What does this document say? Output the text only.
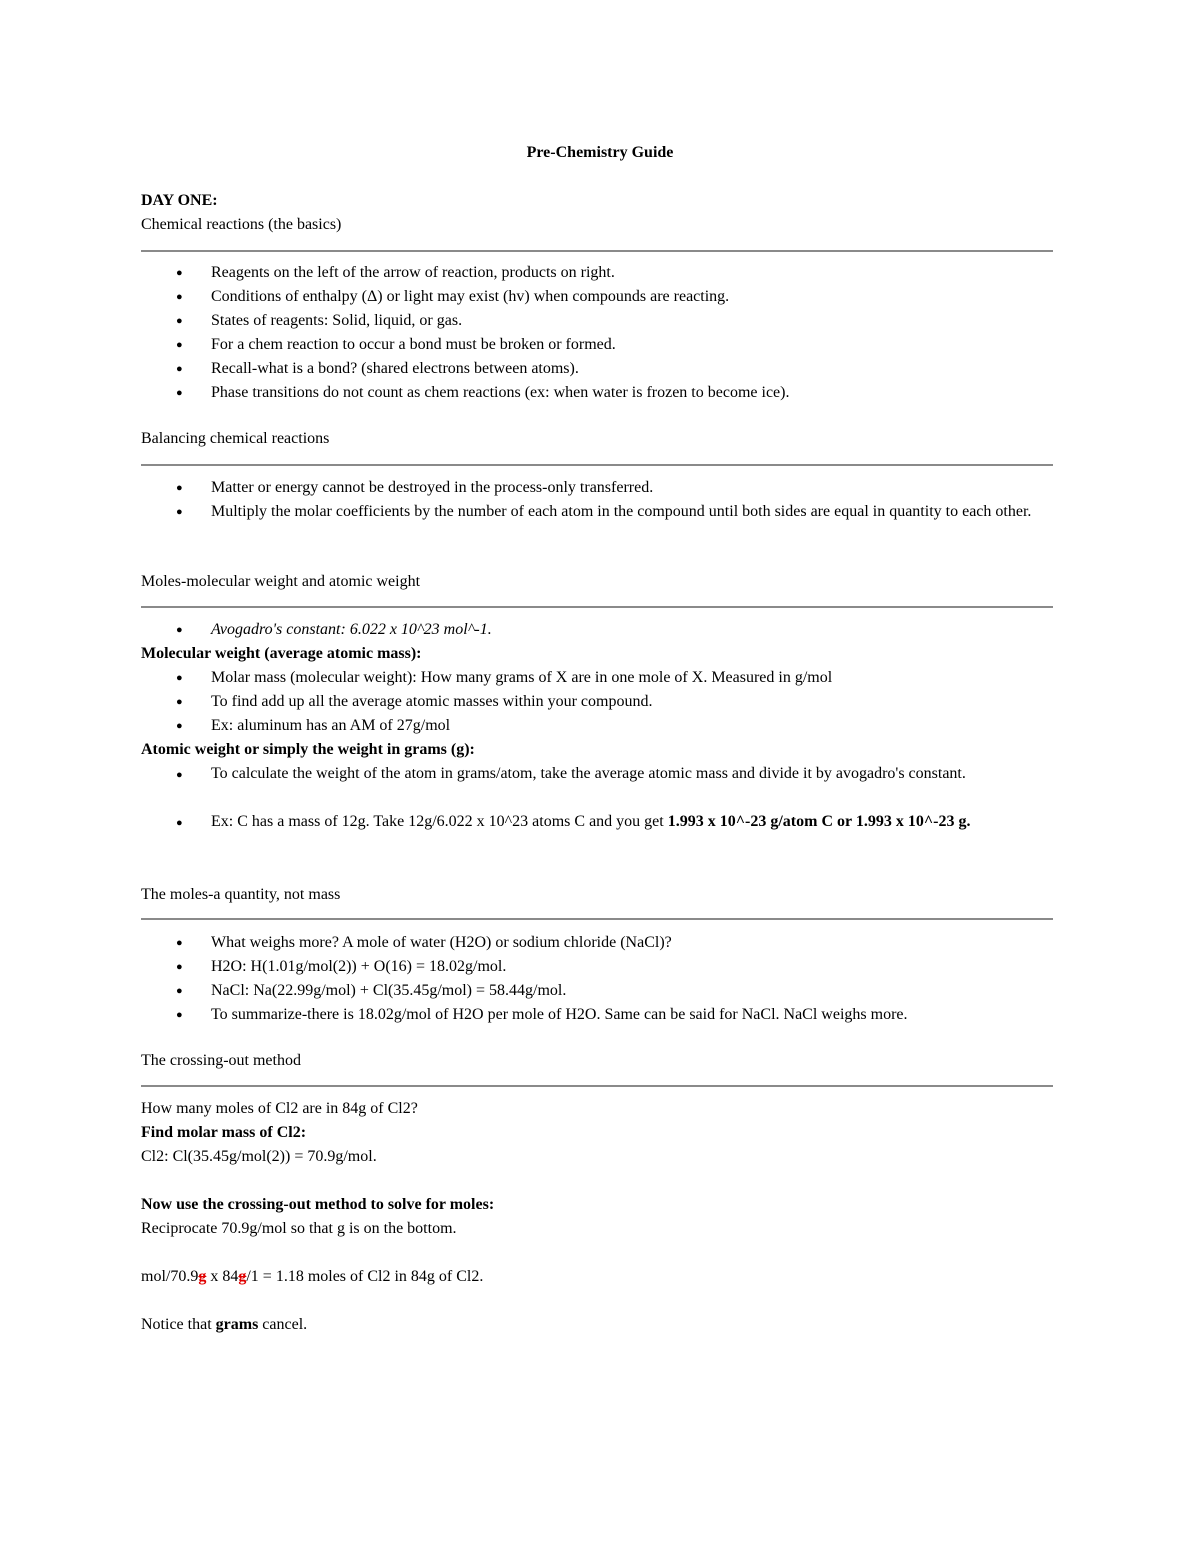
Pre-Chemistry Guide
DAY ONE:
Chemical reactions (the basics)
Reagents on the left of the arrow of reaction, products on right.
Conditions of enthalpy (Δ) or light may exist (hv) when compounds are reacting.
States of reagents: Solid, liquid, or gas.
For a chem reaction to occur a bond must be broken or formed.
Recall-what is a bond? (shared electrons between atoms).
Phase transitions do not count as chem reactions (ex: when water is frozen to become ice).
Balancing chemical reactions
Matter or energy cannot be destroyed in the process-only transferred.
Multiply the molar coefficients by the number of each atom in the compound until both sides are equal in quantity to each other.
Moles-molecular weight and atomic weight
Avogadro's constant: 6.022 x 10^23 mol^-1.
Molecular weight (average atomic mass):
Molar mass (molecular weight): How many grams of X are in one mole of X. Measured in g/mol
To find add up all the average atomic masses within your compound.
Ex: aluminum has an AM of 27g/mol
Atomic weight or simply the weight in grams (g):
To calculate the weight of the atom in grams/atom, take the average atomic mass and divide it by avogadro's constant.
Ex: C has a mass of 12g. Take 12g/6.022 x 10^23 atoms C and you get 1.993 x 10^-23 g/atom C or 1.993 x 10^-23 g.
The moles-a quantity, not mass
What weighs more? A mole of water (H2O) or sodium chloride (NaCl)?
H2O: H(1.01g/mol(2)) + O(16) = 18.02g/mol.
NaCl: Na(22.99g/mol) + Cl(35.45g/mol) = 58.44g/mol.
To summarize-there is 18.02g/mol of H2O per mole of H2O. Same can be said for NaCl. NaCl weighs more.
The crossing-out method
How many moles of Cl2 are in 84g of Cl2?
Find molar mass of Cl2:
Cl2: Cl(35.45g/mol(2)) = 70.9g/mol.
Now use the crossing-out method to solve for moles:
Reciprocate 70.9g/mol so that g is on the bottom.
mol/70.9g x 84g/1 = 1.18 moles of Cl2 in 84g of Cl2.
Notice that grams cancel.
